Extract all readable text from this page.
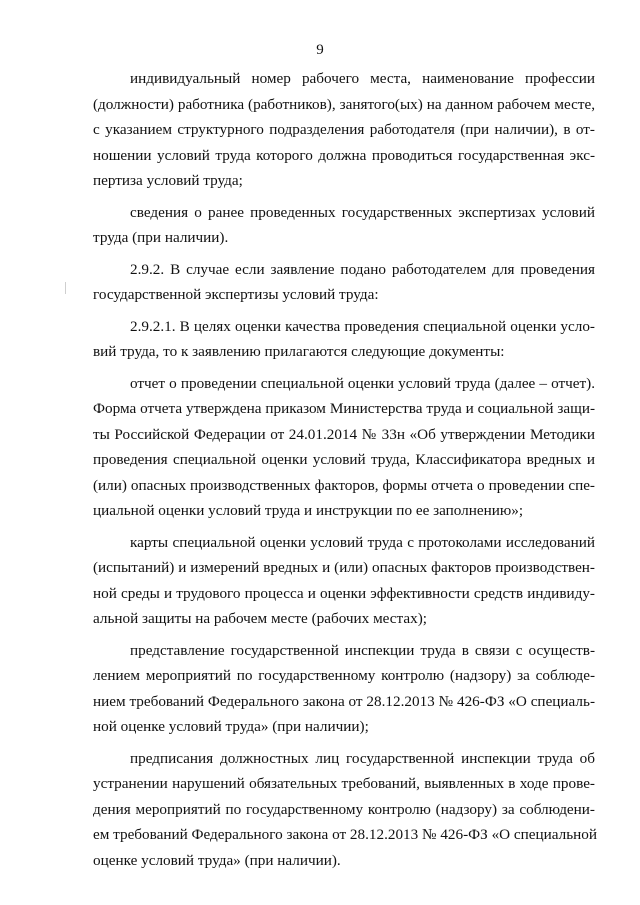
9

индивидуальный номер рабочего места, наименование профессии
(должности) работника (работников), занятого(ых) на данном рабочем месте,
с указанием структурного подразделения работодателя (при наличии), в от-
ношении условий труда которого должна проводиться государственная экс-
пертиза условий труда;

сведения о ранее проведенных государственных экспертизах условий
труда (при наличии).

2.9.2. В случае если заявление подано работодателем для проведения
государственной экспертизы условий труда:

2.9.2.1. В целях оценки качества проведения специальной оценки усло-
вий труда, то к заявлению прилагаются следующие документы:

отчет о проведении специальной оценки условий труда (далее – отчет).
Форма отчета утверждена приказом Министерства труда и социальной защи-
ты Российской Федерации от 24.01.2014 № 33н «Об утверждении Методики
проведения специальной оценки условий труда, Классификатора вредных и
(или) опасных производственных факторов, формы отчета о проведении спе-
циальной оценки условий труда и инструкции по ее заполнению»;

карты специальной оценки условий труда с протоколами исследований
(испытаний) и измерений вредных и (или) опасных факторов производствен-
ной среды и трудового процесса и оценки эффективности средств индивиду-
альной защиты на рабочем месте (рабочих местах);

представление государственной инспекции труда в связи с осуществ-
лением мероприятий по государственному контролю (надзору) за соблюде-
нием требований Федерального закона от 28.12.2013 № 426-ФЗ «О специаль-
ной оценке условий труда» (при наличии);

предписания должностных лиц государственной инспекции труда об
устранении нарушений обязательных требований, выявленных в ходе прове-
дения мероприятий по государственному контролю (надзору) за соблюдени-
ем требований Федерального закона от 28.12.2013 № 426-ФЗ «О специальной
оценке условий труда» (при наличии).
